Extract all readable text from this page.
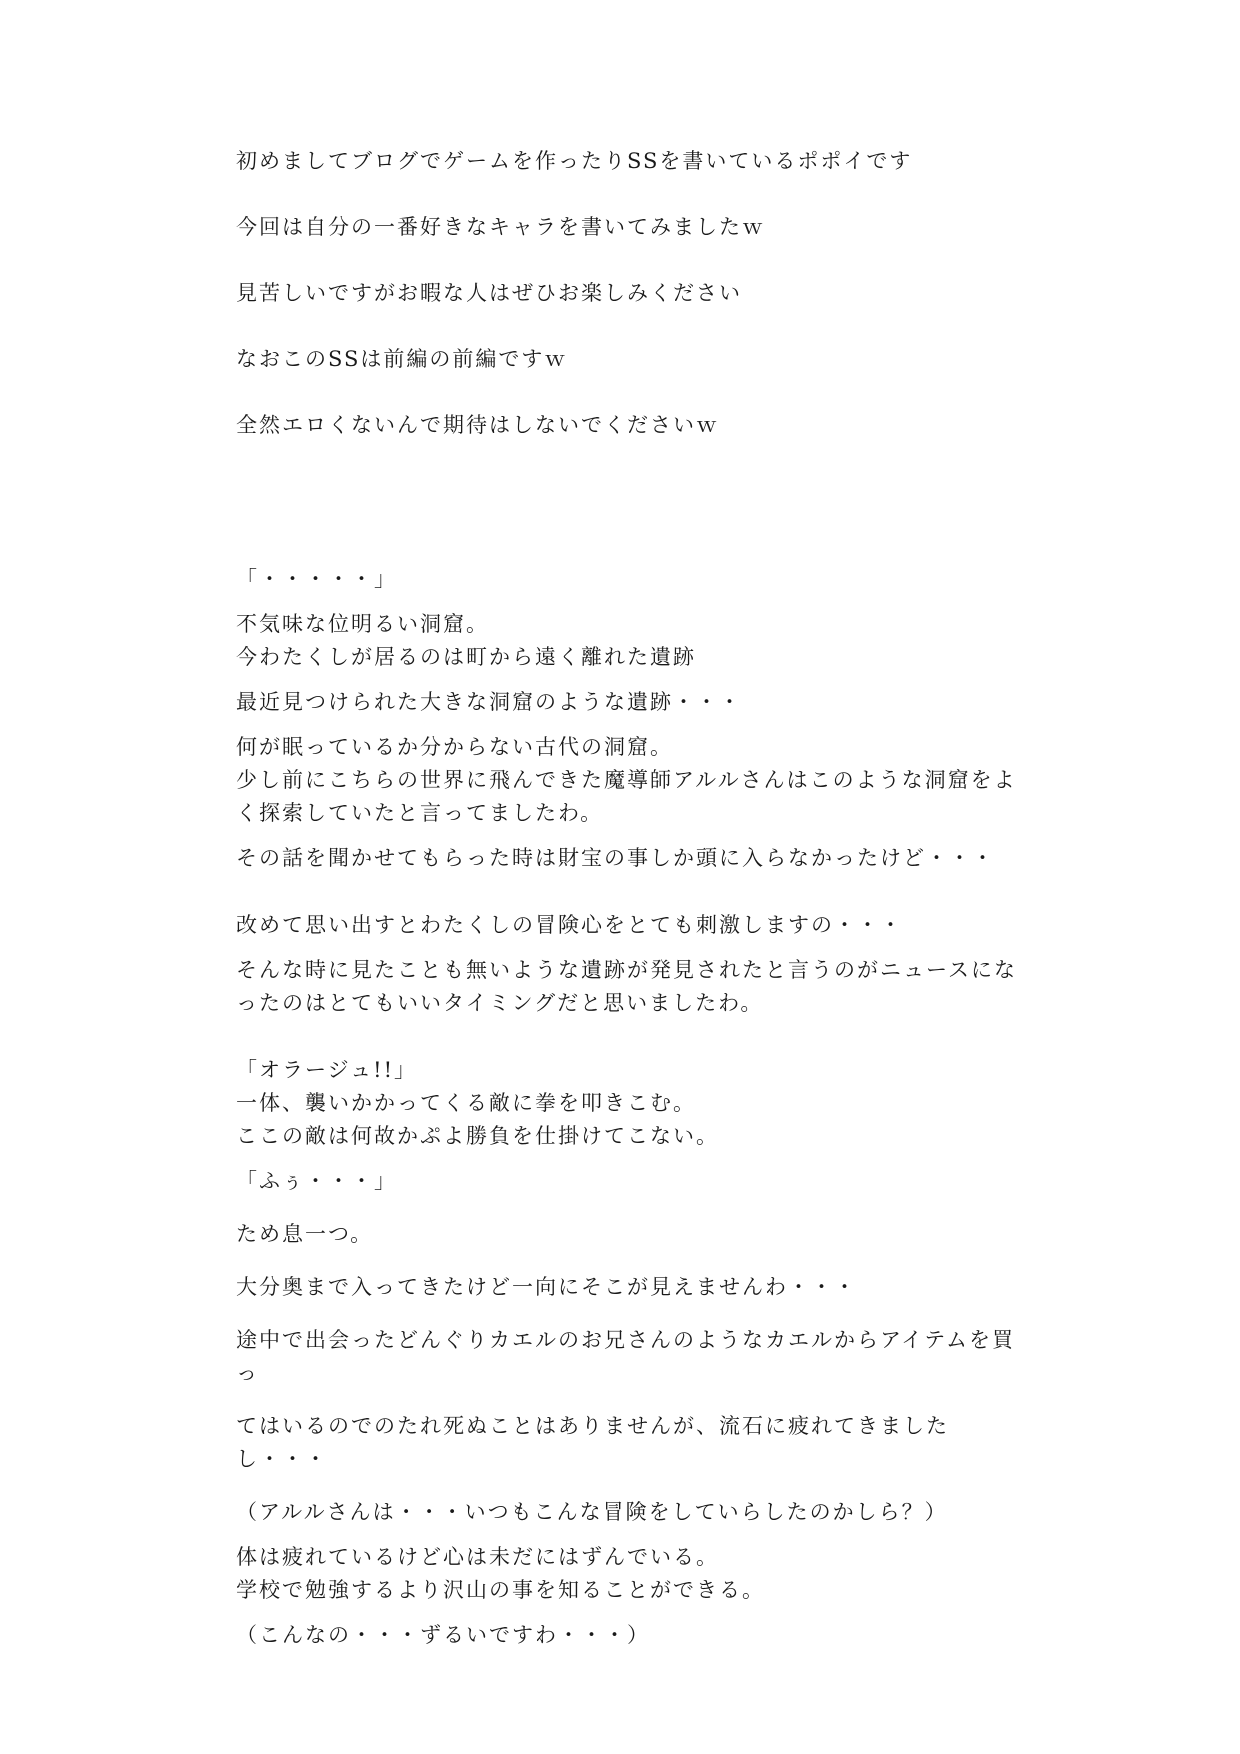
初めましてブログでゲームを作ったりSSを書いているポポイです

今回は自分の一番好きなキャラを書いてみましたｗ

見苦しいですがお暇な人はぜひお楽しみください

なおこのSSは前編の前編ですｗ

全然エロくないんで期待はしないでくださいｗ

「・・・・・」

不気味な位明るい洞窟。

今わたくしが居るのは町から遠く離れた遺跡

最近見つけられた大きな洞窟のような遺跡・・・

何が眠っているか分からない古代の洞窟。

少し前にこちらの世界に飛んできた魔導師アルルさんはこのような洞窟をよく探索していたと言ってましたわ。

その話を聞かせてもらった時は財宝の事しか頭に入らなかったけど・・・

改めて思い出すとわたくしの冒険心をとても刺激しますの・・・

そんな時に見たことも無いような遺跡が発見されたと言うのがニュースになったのはとてもいいタイミングだと思いましたわ。

「オラージュ!!」

一体、襲いかかってくる敵に拳を叩きこむ。

ここの敵は何故かぷよ勝負を仕掛けてこない。

「ふぅ・・・」

ため息一つ。

大分奥まで入ってきたけど一向にそこが見えませんわ・・・

途中で出会ったどんぐりカエルのお兄さんのようなカエルからアイテムを買っ

てはいるのでのたれ死ぬことはありませんが、流石に疲れてきましたし・・・

（アルルさんは・・・いつもこんな冒険をしていらしたのかしら？）

体は疲れているけど心は未だにはずんでいる。

学校で勉強するより沢山の事を知ることができる。

（こんなの・・・ずるいですわ・・・）
